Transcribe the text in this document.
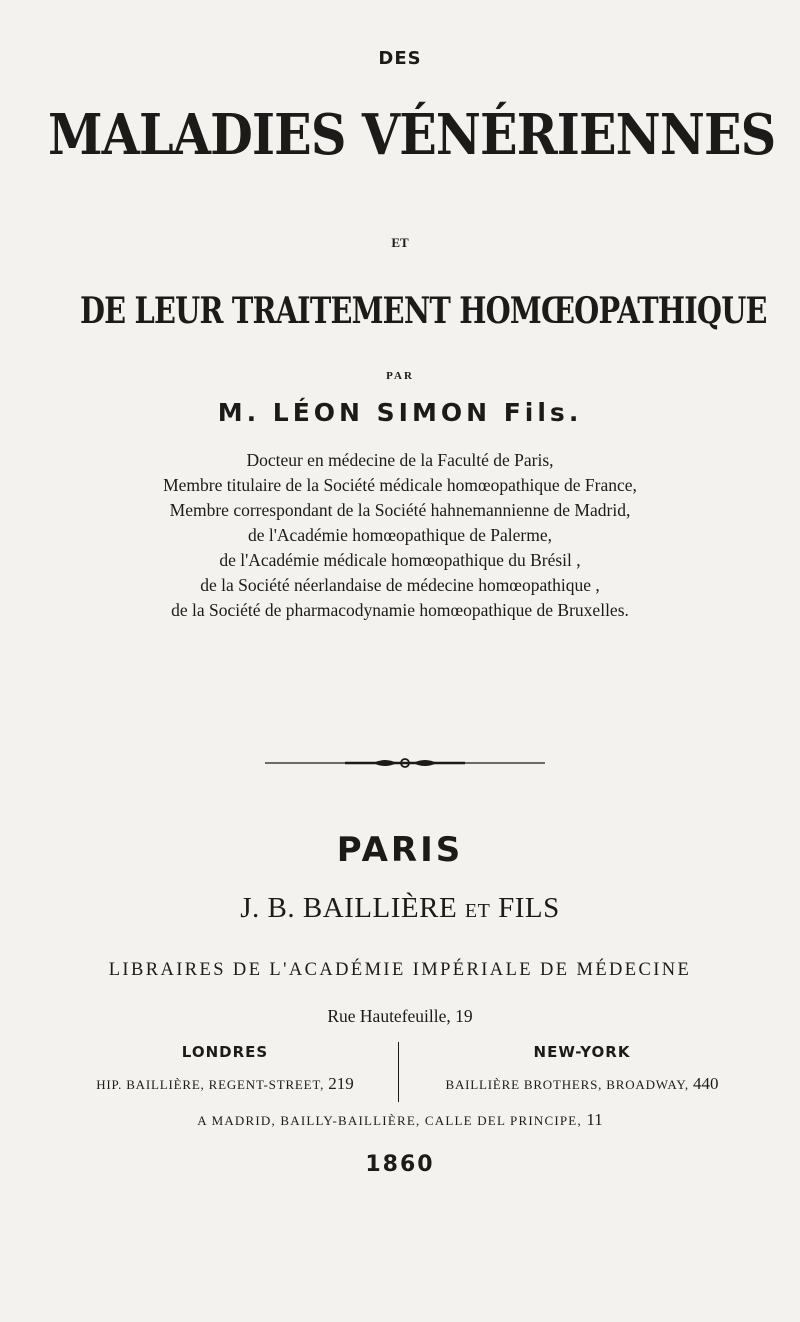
DES
MALADIES VÉNÉRIENNES
ET
DE LEUR TRAITEMENT HOMŒOPATHIQUE
PAR
M. LÉON SIMON Fils.
Docteur en médecine de la Faculté de Paris,
Membre titulaire de la Société médicale homœopathique de France,
Membre correspondant de la Société hahnemannienne de Madrid,
de l'Académie homœopathique de Palerme,
de l'Académie médicale homœopathique du Brésil ,
de la Société néerlandaise de médecine homœopathique ,
de la Société de pharmacodynamie homœopathique de Bruxelles.
PARIS
J. B. BAILLIÈRE ET FILS
LIBRAIRES DE L'ACADÉMIE IMPÉRIALE DE MÉDECINE
Rue Hautefeuille, 19
LONDRES
HIP. BAILLIÈRE, REGENT-STREET, 219
NEW-YORK
BAILLIÈRE BROTHERS, BROADWAY, 440
A MADRID, BAILLY-BAILLIÈRE, CALLE DEL PRINCIPE, 11
1860
